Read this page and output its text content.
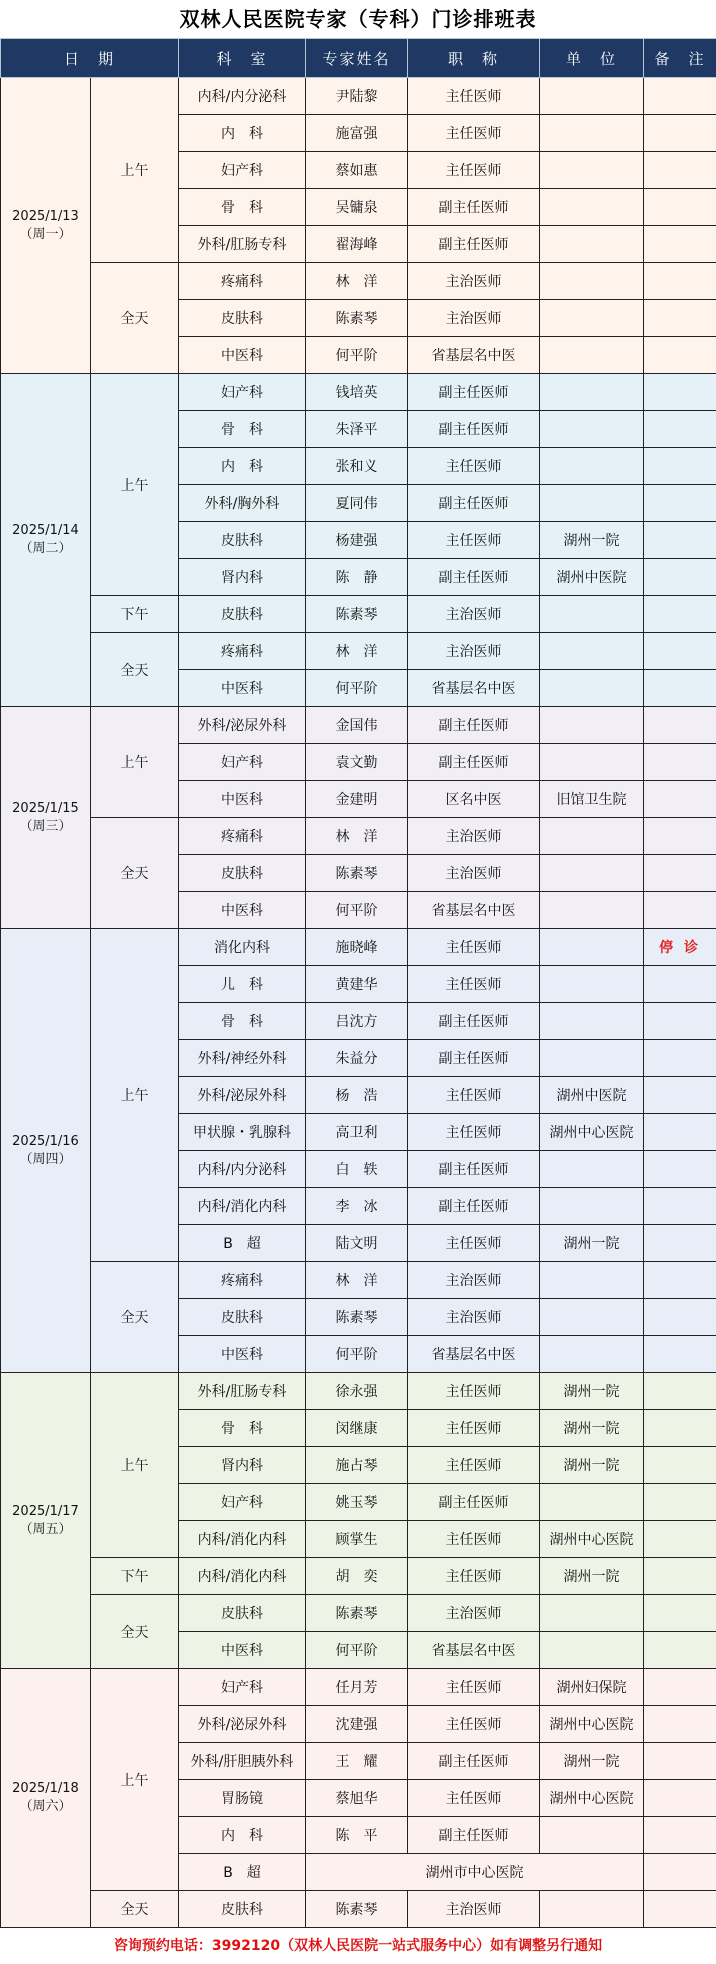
双林人民医院专家（专科）门诊排班表
日　期		科　室	专家姓名	职　称	单　位	备　注

2025/1/13
（周一）	上午	内科/内分泌科	尹陆黎	主任医师		
		内　科	施富强	主任医师		
		妇产科	蔡如惠	主任医师		
		骨　科	吴镛泉	副主任医师		
		外科/肛肠专科	翟海峰	副主任医师		
	全天	疼痛科	林　洋	主治医师		
		皮肤科	陈素琴	主治医师		
		中医科	何平阶	省基层名中医		

2025/1/14
（周二）	上午	妇产科	钱培英	副主任医师		
		骨　科	朱泽平	副主任医师		
		内　科	张和义	主任医师		
		外科/胸外科	夏同伟	副主任医师		
		皮肤科	杨建强	主任医师	湖州一院	
		肾内科	陈　静	副主任医师	湖州中医院	
	下午	皮肤科	陈素琴	主治医师		
	全天	疼痛科	林　洋	主治医师		
		中医科	何平阶	省基层名中医		

2025/1/15
（周三）	上午	外科/泌尿外科	金国伟	副主任医师		
		妇产科	袁文勤	副主任医师		
		中医科	金建明	区名中医	旧馆卫生院	
	全天	疼痛科	林　洋	主治医师		
		皮肤科	陈素琴	主治医师		
		中医科	何平阶	省基层名中医		

2025/1/16
（周四）	上午	消化内科	施晓峰	主任医师		停 诊
		儿　科	黄建华	主任医师		
		骨　科	吕沈方	副主任医师		
		外科/神经外科	朱益分	副主任医师		
		外科/泌尿外科	杨　浩	主任医师	湖州中医院	
		甲状腺・乳腺科	高卫利	主任医师	湖州中心医院	
		内科/内分泌科	白　轶	副主任医师		
		内科/消化内科	李　冰	副主任医师		
		B　超	陆文明	主任医师	湖州一院	
	全天	疼痛科	林　洋	主治医师		
		皮肤科	陈素琴	主治医师		
		中医科	何平阶	省基层名中医		

2025/1/17
（周五）	上午	外科/肛肠专科	徐永强	主任医师	湖州一院	
		骨　科	闵继康	主任医师	湖州一院	
		肾内科	施占琴	主任医师	湖州一院	
		妇产科	姚玉琴	副主任医师		
		内科/消化内科	顾掌生	主任医师	湖州中心医院	
	下午	内科/消化内科	胡　奕	主任医师	湖州一院	
	全天	皮肤科	陈素琴	主治医师		
		中医科	何平阶	省基层名中医		

2025/1/18
（周六）	上午	妇产科	任月芳	主任医师	湖州妇保院	
		外科/泌尿外科	沈建强	主任医师	湖州中心医院	
		外科/肝胆胰外科	王　耀	副主任医师	湖州一院	
		胃肠镜	蔡旭华	主任医师	湖州中心医院	
		内　科	陈　平	副主任医师		
		B　超	湖州市中心医院			
	全天	皮肤科	陈素琴	主治医师		
咨询预约电话：3992120（双林人民医院一站式服务中心）如有调整另行通知
